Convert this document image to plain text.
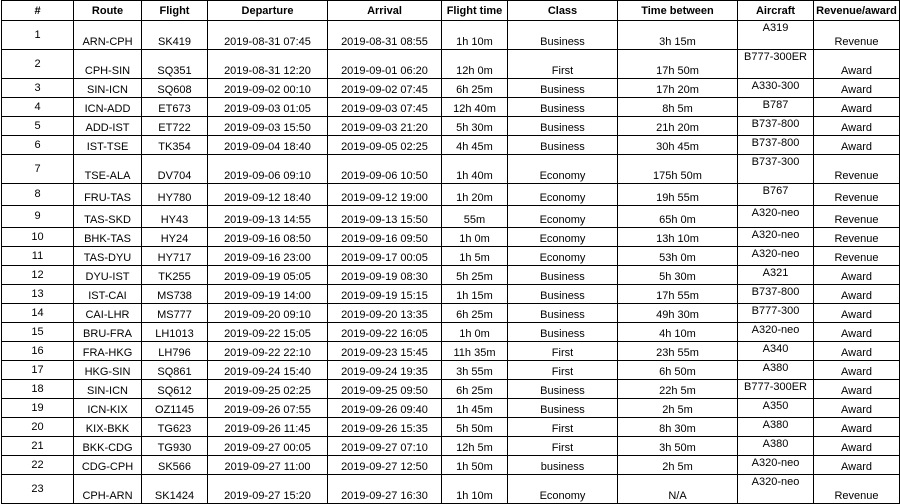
#	Route	Flight	Departure	Arrival	Flight time	Class	Time between	Aircraft	Revenue/award
1	ARN-CPH	SK419	2019-08-31 07:45	2019-08-31 08:55	1h 10m	Business	3h 15m	A319	Revenue
2	CPH-SIN	SQ351	2019-08-31 12:20	2019-09-01 06:20	12h 0m	First	17h 50m	B777-300ER	Award
3	SIN-ICN	SQ608	2019-09-02 00:10	2019-09-02 07:45	6h 25m	Business	17h 20m	A330-300	Award
4	ICN-ADD	ET673	2019-09-03 01:05	2019-09-03 07:45	12h 40m	Business	8h 5m	B787	Award
5	ADD-IST	ET722	2019-09-03 15:50	2019-09-03 21:20	5h 30m	Business	21h 20m	B737-800	Award
6	IST-TSE	TK354	2019-09-04 18:40	2019-09-05 02:25	4h 45m	Business	30h 45m	B737-800	Award
7	TSE-ALA	DV704	2019-09-06 09:10	2019-09-06 10:50	1h 40m	Economy	175h 50m	B737-300	Revenue
8	FRU-TAS	HY780	2019-09-12 18:40	2019-09-12 19:00	1h 20m	Economy	19h 55m	B767	Revenue
9	TAS-SKD	HY43	2019-09-13 14:55	2019-09-13 15:50	55m	Economy	65h 0m	A320-neo	Revenue
10	BHK-TAS	HY24	2019-09-16 08:50	2019-09-16 09:50	1h 0m	Economy	13h 10m	A320-neo	Revenue
11	TAS-DYU	HY717	2019-09-16 23:00	2019-09-17 00:05	1h 5m	Economy	53h 0m	A320-neo	Revenue
12	DYU-IST	TK255	2019-09-19 05:05	2019-09-19 08:30	5h 25m	Business	5h 30m	A321	Award
13	IST-CAI	MS738	2019-09-19 14:00	2019-09-19 15:15	1h 15m	Business	17h 55m	B737-800	Award
14	CAI-LHR	MS777	2019-09-20 09:10	2019-09-20 13:35	6h 25m	Business	49h 30m	B777-300	Award
15	BRU-FRA	LH1013	2019-09-22 15:05	2019-09-22 16:05	1h 0m	Business	4h 10m	A320-neo	Award
16	FRA-HKG	LH796	2019-09-22 22:10	2019-09-23 15:45	11h 35m	First	23h 55m	A340	Award
17	HKG-SIN	SQ861	2019-09-24 15:40	2019-09-24 19:35	3h 55m	First	6h 50m	A380	Award
18	SIN-ICN	SQ612	2019-09-25 02:25	2019-09-25 09:50	6h 25m	Business	22h 5m	B777-300ER	Award
19	ICN-KIX	OZ1145	2019-09-26 07:55	2019-09-26 09:40	1h 45m	Business	2h 5m	A350	Award
20	KIX-BKK	TG623	2019-09-26 11:45	2019-09-26 15:35	5h 50m	First	8h 30m	A380	Award
21	BKK-CDG	TG930	2019-09-27 00:05	2019-09-27 07:10	12h 5m	First	3h 50m	A380	Award
22	CDG-CPH	SK566	2019-09-27 11:00	2019-09-27 12:50	1h 50m	business	2h 5m	A320-neo	Award
23	CPH-ARN	SK1424	2019-09-27 15:20	2019-09-27 16:30	1h 10m	Economy	N/A	A320-neo	Revenue
